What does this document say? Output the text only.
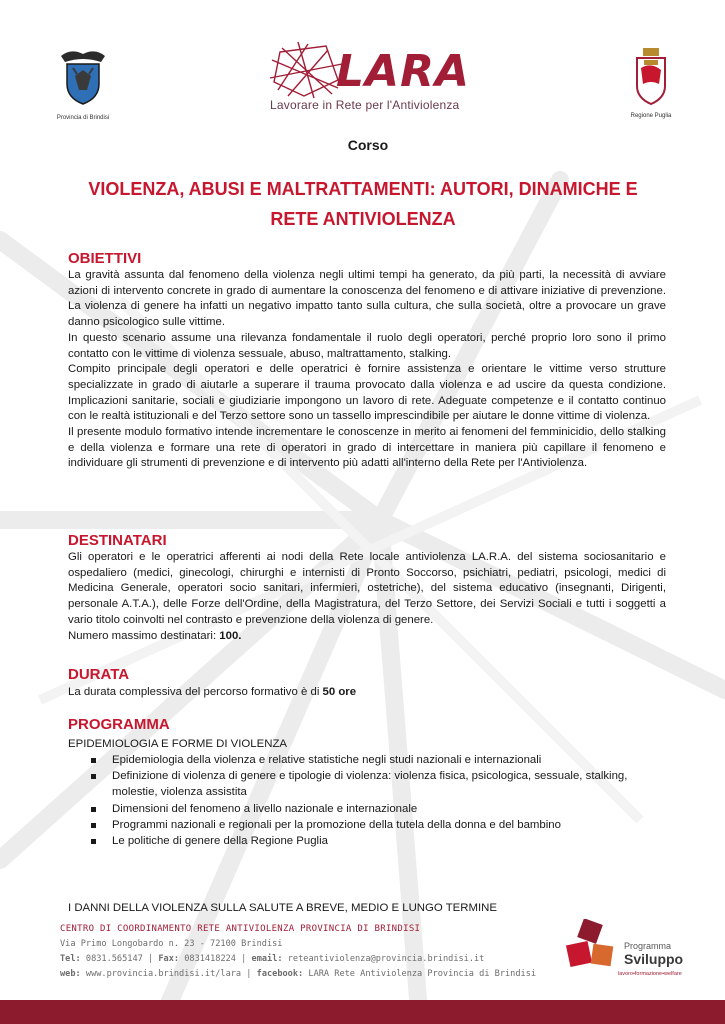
Provincia di Brindisi
LARA
Lavorare in Rete per l'Antiviolenza
Regione Puglia
Corso
VIOLENZA, ABUSI E MALTRATTAMENTI: AUTORI, DINAMICHE E
RETE ANTIVIOLENZA
OBIETTIVI

La gravità assunta dal fenomeno della violenza negli ultimi tempi ha generato, da più parti, la necessità di avviare azioni di intervento concrete in grado di aumentare la conoscenza del fenomeno e di attivare iniziative di prevenzione. La violenza di genere ha infatti un negativo impatto tanto sulla cultura, che sulla società, oltre a provocare un grave danno psicologico sulle vittime.

In questo scenario assume una rilevanza fondamentale il ruolo degli operatori, perché proprio loro sono il primo contatto con le vittime di violenza sessuale, abuso, maltrattamento, stalking.

Compito principale degli operatori e delle operatrici è fornire assistenza e orientare le vittime verso strutture specializzate in grado di aiutarle a superare il trauma provocato dalla violenza e ad uscire da questa condizione. Implicazioni sanitarie, sociali e giudiziarie impongono un lavoro di rete. Adeguate competenze e il contatto continuo con le realtà istituzionali e del Terzo settore sono un tassello imprescindibile per aiutare le donne vittime di violenza.

Il presente modulo formativo intende incrementare le conoscenze in merito ai fenomeni del femminicidio, dello stalking e della violenza e formare una rete di operatori in grado di intercettare in maniera più capillare il fenomeno e individuare gli strumenti di prevenzione e di intervento più adatti all'interno della Rete per l'Antiviolenza.

DESTINATARI

Gli operatori e le operatrici afferenti ai nodi della Rete locale antiviolenza LA.R.A. del sistema sociosanitario e ospedaliero (medici, ginecologi, chirurghi e internisti di Pronto Soccorso, psichiatri, pediatri, psicologi, medici di Medicina Generale, operatori socio sanitari, infermieri, ostetriche), del sistema educativo (insegnanti, Dirigenti, personale A.T.A.), delle Forze dell'Ordine, della Magistratura, del Terzo Settore, dei Servizi Sociali e tutti i soggetti a vario titolo coinvolti nel contrasto e prevenzione della violenza di genere.

Numero massimo destinatari: 100.

DURATA

La durata complessiva del percorso formativo è di 50 ore

PROGRAMMA
EPIDEMIOLOGIA E FORME DI VIOLENZA
Epidemiologia della violenza e relative statistiche negli studi nazionali e internazionali
Definizione di violenza di genere e tipologie di violenza: violenza fisica, psicologica, sessuale, stalking, molestie, violenza assistita
Dimensioni del fenomeno a livello nazionale e internazionale
Programmi nazionali e regionali per la promozione della tutela della donna e del bambino
Le politiche di genere della Regione Puglia
I DANNI DELLA VIOLENZA SULLA SALUTE A BREVE, MEDIO E LUNGO TERMINE
CENTRO DI COORDINAMENTO RETE ANTIVIOLENZA PROVINCIA DI BRINDISI
Via Primo Longobardo n. 23 - 72100 Brindisi
Tel: 0831.565147 | Fax: 0831418224 | email: reteantiviolenza@provincia.brindisi.it
web: www.provincia.brindisi.it/lara | facebook: LARA Rete Antiviolenza Provincia di Brindisi
Programma
Sviluppo
lavoro•formazione•welfare
